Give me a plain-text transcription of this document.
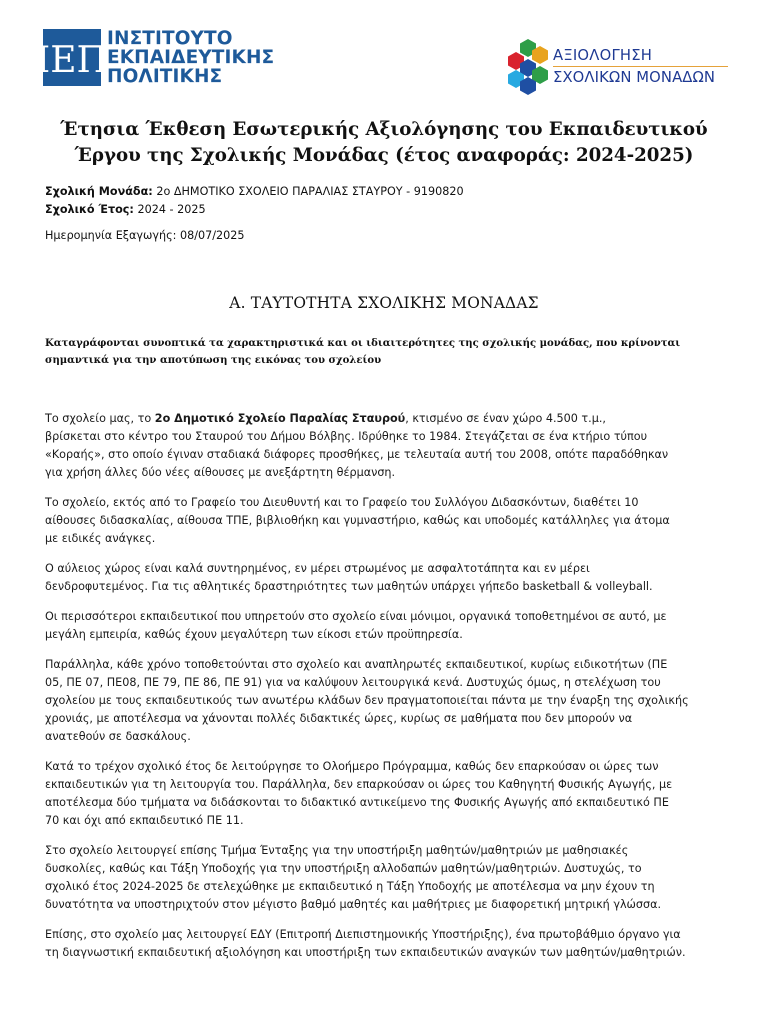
ΙΕΠ
ΙΝΣΤΙΤΟΥΤΟ
ΕΚΠΑΙΔΕΥΤΙΚΗΣ
ΠΟΛΙΤΙΚΗΣ
ΑΞΙΟΛΟΓΗΣΗ
ΣΧΟΛΙΚΩΝ ΜΟΝΑΔΩΝ
Έτησια Έκθεση Εσωτερικής Αξιολόγησης του Εκπαιδευτικού
Έργου της Σχολικής Μονάδας (έτος αναφοράς: 2024-2025)
Σχολική Μονάδα: 2ο ΔΗΜΟΤΙΚΟ ΣΧΟΛΕΙΟ ΠΑΡΑΛΙΑΣ ΣΤΑΥΡΟΥ - 9190820
Σχολικό Έτος: 2024 - 2025
Ημερομηνία Εξαγωγής: 08/07/2025
Α. ΤΑΥΤΟΤΗΤΑ ΣΧΟΛΙΚΗΣ ΜΟΝΑΔΑΣ
Καταγράφονται συνοπτικά τα χαρακτηριστικά και οι ιδιαιτερότητες της σχολικής μονάδας, που κρίνονται
σημαντικά για την αποτύπωση της εικόνας του σχολείου

Το σχολείο μας, το 2ο Δημοτικό Σχολείο Παραλίας Σταυρού, κτισμένο σε έναν χώρο 4.500 τ.μ.,
βρίσκεται στο κέντρο του Σταυρού του Δήμου Βόλβης. Ιδρύθηκε το 1984. Στεγάζεται σε ένα κτήριο τύπου
«Κοραής», στο οποίο έγιναν σταδιακά διάφορες προσθήκες, με τελευταία αυτή του 2008, οπότε παραδόθηκαν
για χρήση άλλες δύο νέες αίθουσες με ανεξάρτητη θέρμανση.

Το σχολείο, εκτός από το Γραφείο του Διευθυντή και το Γραφείο του Συλλόγου Διδασκόντων, διαθέτει 10
αίθουσες διδασκαλίας, αίθουσα ΤΠΕ, βιβλιοθήκη και γυμναστήριο, καθώς και υποδομές κατάλληλες για άτομα
με ειδικές ανάγκες.

Ο αύλειος χώρος είναι καλά συντηρημένος, εν μέρει στρωμένος με ασφαλτοτάπητα και εν μέρει
δενδροφυτεμένος. Για τις αθλητικές δραστηριότητες των μαθητών υπάρχει γήπεδο basketball & volleyball.

Οι περισσότεροι εκπαιδευτικοί που υπηρετούν στο σχολείο είναι μόνιμοι, οργανικά τοποθετημένοι σε αυτό, με
μεγάλη εμπειρία, καθώς έχουν μεγαλύτερη των είκοσι ετών προϋπηρεσία.

Παράλληλα, κάθε χρόνο τοποθετούνται στο σχολείο και αναπληρωτές εκπαιδευτικοί, κυρίως ειδικοτήτων (ΠΕ
05, ΠΕ 07, ΠΕ08, ΠΕ 79, ΠΕ 86, ΠΕ 91) για να καλύψουν λειτουργικά κενά. Δυστυχώς όμως, η στελέχωση του
σχολείου με τους εκπαιδευτικούς των ανωτέρω κλάδων δεν πραγματοποιείται πάντα με την έναρξη της σχολικής
χρονιάς, με αποτέλεσμα να χάνονται πολλές διδακτικές ώρες, κυρίως σε μαθήματα που δεν μπορούν να
ανατεθούν σε δασκάλους.

Κατά το τρέχον σχολικό έτος δε λειτούργησε το Ολοήμερο Πρόγραμμα, καθώς δεν επαρκούσαν οι ώρες των
εκπαιδευτικών για τη λειτουργία του. Παράλληλα, δεν επαρκούσαν οι ώρες του Καθηγητή Φυσικής Αγωγής, με
αποτέλεσμα δύο τμήματα να διδάσκονται το διδακτικό αντικείμενο της Φυσικής Αγωγής από εκπαιδευτικό ΠΕ
70 και όχι από εκπαιδευτικό ΠΕ 11.

Στο σχολείο λειτουργεί επίσης Τμήμα Ένταξης για την υποστήριξη μαθητών/μαθητριών με μαθησιακές
δυσκολίες, καθώς και Τάξη Υποδοχής για την υποστήριξη αλλοδαπών μαθητών/μαθητριών. Δυστυχώς, το
σχολικό έτος 2024-2025 δε στελεχώθηκε με εκπαιδευτικό η Τάξη Υποδοχής με αποτέλεσμα να μην έχουν τη
δυνατότητα να υποστηριχτούν στον μέγιστο βαθμό μαθητές και μαθήτριες με διαφορετική μητρική γλώσσα.

Επίσης, στο σχολείο μας λειτουργεί ΕΔΥ (Επιτροπή Διεπιστημονικής Υποστήριξης), ένα πρωτοβάθμιο όργανο για
τη διαγνωστική εκπαιδευτική αξιολόγηση και υποστήριξη των εκπαιδευτικών αναγκών των μαθητών/μαθητριών.
